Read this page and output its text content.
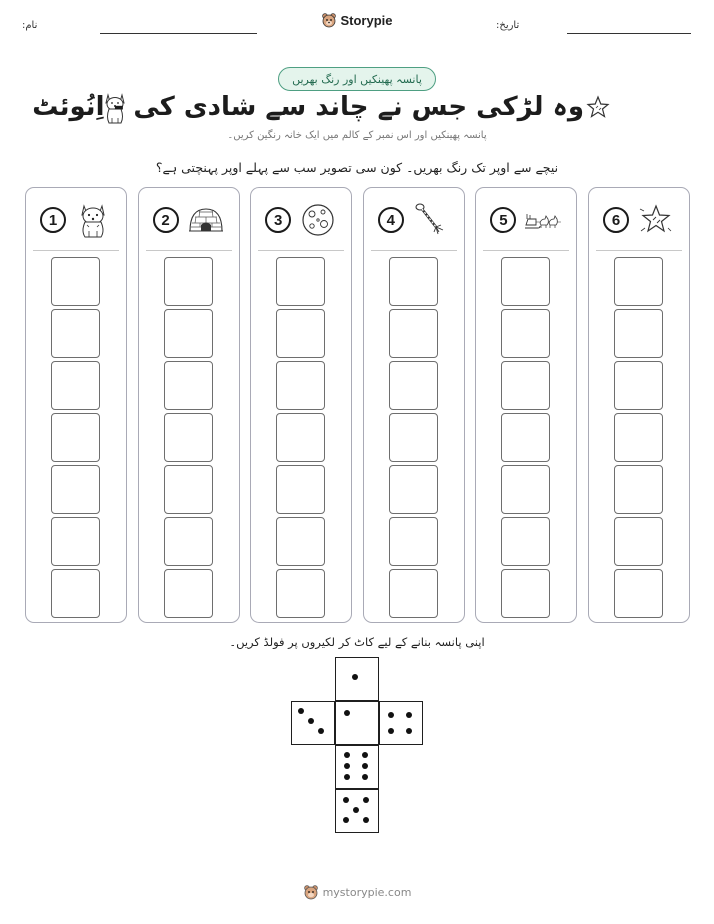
نام:	Storypie	تاریخ:
پانسہ پھینکیں اور رنگ بھریں
وہ لڑکی جس نے چاند سے شادی کی - اِنُوئٹ
پانسہ پھینکیں اور اس نمبر کے کالم میں ایک خانہ رنگین کریں۔
نیچے سے اوپر تک رنگ بھریں۔ کون سی تصویر سب سے پہلے اوپر پہنچتی ہے؟
1	2	3	4	5	6
اپنی پانسہ بنانے کے لیے کاٹ کر لکیروں پر فولڈ کریں۔
mystorypie.com
